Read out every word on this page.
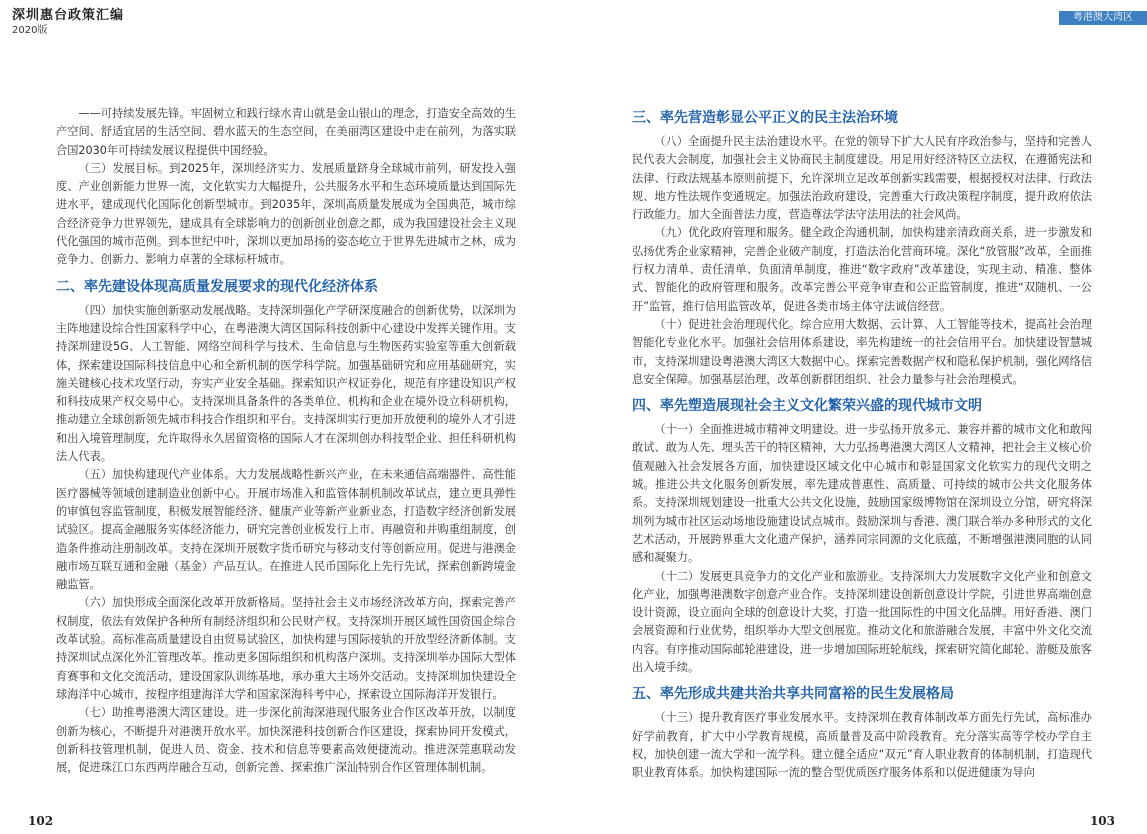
深圳惠台政策汇编
2020版
粤港澳大湾区

——可持续发展先锋。牢固树立和践行绿水青山就是金山银山的理念，打造安全高效的生产空间、舒适宜居的生活空间、碧水蓝天的生态空间，在美丽湾区建设中走在前列，为落实联合国2030年可持续发展议程提供中国经验。

（三）发展目标。到2025年，深圳经济实力、发展质量跻身全球城市前列，研发投入强度、产业创新能力世界一流，文化软实力大幅提升，公共服务水平和生态环境质量达到国际先进水平，建成现代化国际化创新型城市。到2035年，深圳高质量发展成为全国典范，城市综合经济竞争力世界领先，建成具有全球影响力的创新创业创意之都，成为我国建设社会主义现代化强国的城市范例。到本世纪中叶，深圳以更加昂扬的姿态屹立于世界先进城市之林，成为竞争力、创新力、影响力卓著的全球标杆城市。

二、率先建设体现高质量发展要求的现代化经济体系

（四）加快实施创新驱动发展战略。支持深圳强化产学研深度融合的创新优势，以深圳为主阵地建设综合性国家科学中心，在粤港澳大湾区国际科技创新中心建设中发挥关键作用。支持深圳建设5G、人工智能、网络空间科学与技术、生命信息与生物医药实验室等重大创新载体，探索建设国际科技信息中心和全新机制的医学科学院。加强基础研究和应用基础研究，实施关键核心技术攻坚行动，夯实产业安全基础。探索知识产权证券化，规范有序建设知识产权和科技成果产权交易中心。支持深圳具备条件的各类单位、机构和企业在境外设立科研机构，推动建立全球创新领先城市科技合作组织和平台。支持深圳实行更加开放便利的境外人才引进和出入境管理制度，允许取得永久居留资格的国际人才在深圳创办科技型企业、担任科研机构法人代表。

（五）加快构建现代产业体系。大力发展战略性新兴产业，在未来通信高端器件、高性能医疗器械等领域创建制造业创新中心。开展市场准入和监管体制机制改革试点，建立更具弹性的审慎包容监管制度，积极发展智能经济、健康产业等新产业新业态，打造数字经济创新发展试验区。提高金融服务实体经济能力，研究完善创业板发行上市、再融资和并购重组制度，创造条件推动注册制改革。支持在深圳开展数字货币研究与移动支付等创新应用。促进与港澳金融市场互联互通和金融（基金）产品互认。在推进人民币国际化上先行先试，探索创新跨境金融监管。

（六）加快形成全面深化改革开放新格局。坚持社会主义市场经济改革方向，探索完善产权制度，依法有效保护各种所有制经济组织和公民财产权。支持深圳开展区域性国资国企综合改革试验。高标准高质量建设自由贸易试验区，加快构建与国际接轨的开放型经济新体制。支持深圳试点深化外汇管理改革。推动更多国际组织和机构落户深圳。支持深圳举办国际大型体育赛事和文化交流活动，建设国家队训练基地，承办重大主场外交活动。支持深圳加快建设全球海洋中心城市，按程序组建海洋大学和国家深海科考中心，探索设立国际海洋开发银行。

（七）助推粤港澳大湾区建设。进一步深化前海深港现代服务业合作区改革开放，以制度创新为核心，不断提升对港澳开放水平。加快深港科技创新合作区建设，探索协同开发模式，创新科技管理机制，促进人员、资金、技术和信息等要素高效便捷流动。推进深莞惠联动发展，促进珠江口东西两岸融合互动，创新完善、探索推广深汕特别合作区管理体制机制。

102
三、率先营造彰显公平正义的民主法治环境

（八）全面提升民主法治建设水平。在党的领导下扩大人民有序政治参与，坚持和完善人民代表大会制度，加强社会主义协商民主制度建设。用足用好经济特区立法权，在遵循宪法和法律、行政法规基本原则前提下，允许深圳立足改革创新实践需要，根据授权对法律、行政法规、地方性法规作变通规定。加强法治政府建设，完善重大行政决策程序制度，提升政府依法行政能力。加大全面普法力度，营造尊法学法守法用法的社会风尚。

（九）优化政府管理和服务。健全政企沟通机制，加快构建亲清政商关系，进一步激发和弘扬优秀企业家精神，完善企业破产制度，打造法治化营商环境。深化“放管服”改革，全面推行权力清单、责任清单、负面清单制度，推进“数字政府”改革建设，实现主动、精准、整体式、智能化的政府管理和服务。改革完善公平竞争审查和公正监管制度，推进“双随机、一公开”监管，推行信用监管改革，促进各类市场主体守法诚信经营。

（十）促进社会治理现代化。综合应用大数据、云计算、人工智能等技术，提高社会治理智能化专业化水平。加强社会信用体系建设，率先构建统一的社会信用平台。加快建设智慧城市，支持深圳建设粤港澳大湾区大数据中心。探索完善数据产权和隐私保护机制，强化网络信息安全保障。加强基层治理，改革创新群团组织、社会力量参与社会治理模式。

四、率先塑造展现社会主义文化繁荣兴盛的现代城市文明

（十一）全面推进城市精神文明建设。进一步弘扬开放多元、兼容并蓄的城市文化和敢闯敢试、敢为人先、埋头苦干的特区精神，大力弘扬粤港澳大湾区人文精神，把社会主义核心价值观融入社会发展各方面，加快建设区域文化中心城市和彰显国家文化软实力的现代文明之城。推进公共文化服务创新发展，率先建成普惠性、高质量、可持续的城市公共文化服务体系。支持深圳规划建设一批重大公共文化设施，鼓励国家级博物馆在深圳设立分馆，研究将深圳列为城市社区运动场地设施建设试点城市。鼓励深圳与香港、澳门联合举办多种形式的文化艺术活动，开展跨界重大文化遗产保护，涵养同宗同源的文化底蕴，不断增强港澳同胞的认同感和凝聚力。

（十二）发展更具竞争力的文化产业和旅游业。支持深圳大力发展数字文化产业和创意文化产业，加强粤港澳数字创意产业合作。支持深圳建设创新创意设计学院，引进世界高端创意设计资源，设立面向全球的创意设计大奖，打造一批国际性的中国文化品牌。用好香港、澳门会展资源和行业优势，组织举办大型文创展览。推动文化和旅游融合发展，丰富中外文化交流内容。有序推动国际邮轮港建设，进一步增加国际班轮航线，探索研究简化邮轮、游艇及旅客出入境手续。

五、率先形成共建共治共享共同富裕的民生发展格局

（十三）提升教育医疗事业发展水平。支持深圳在教育体制改革方面先行先试，高标准办好学前教育，扩大中小学教育规模，高质量普及高中阶段教育。充分落实高等学校办学自主权，加快创建一流大学和一流学科。建立健全适应“双元”育人职业教育的体制机制，打造现代职业教育体系。加快构建国际一流的整合型优质医疗服务体系和以促进健康为导向

103
